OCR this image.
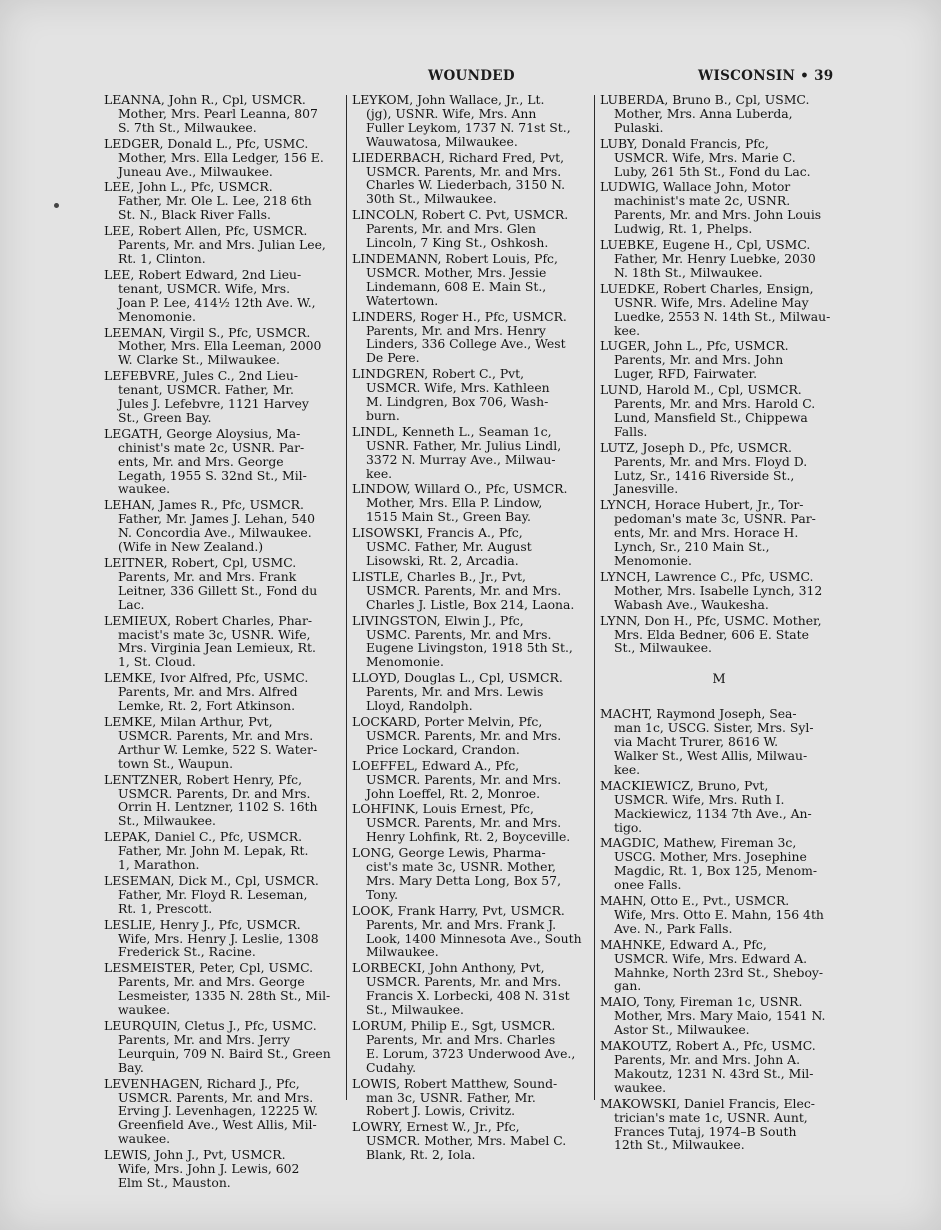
WOUNDED	WISCONSIN • 39

LEANNA, John R., Cpl, USMCR.
Mother, Mrs. Pearl Leanna, 807
S. 7th St., Milwaukee.

LEDGER, Donald L., Pfc, USMC.
Mother, Mrs. Ella Ledger, 156 E.
Juneau Ave., Milwaukee.

LEE, John L., Pfc, USMCR.
Father, Mr. Ole L. Lee, 218 6th
St. N., Black River Falls.

LEE, Robert Allen, Pfc, USMCR.
Parents, Mr. and Mrs. Julian Lee,
Rt. 1, Clinton.

LEE, Robert Edward, 2nd Lieu-
tenant, USMCR. Wife, Mrs.
Joan P. Lee, 414½ 12th Ave. W.,
Menomonie.

LEEMAN, Virgil S., Pfc, USMCR.
Mother, Mrs. Ella Leeman, 2000
W. Clarke St., Milwaukee.

LEFEBVRE, Jules C., 2nd Lieu-
tenant, USMCR. Father, Mr.
Jules J. Lefebvre, 1121 Harvey
St., Green Bay.

LEGATH, George Aloysius, Ma-
chinist's mate 2c, USNR. Par-
ents, Mr. and Mrs. George
Legath, 1955 S. 32nd St., Mil-
waukee.

LEHAN, James R., Pfc, USMCR.
Father, Mr. James J. Lehan, 540
N. Concordia Ave., Milwaukee.
(Wife in New Zealand.)

LEITNER, Robert, Cpl, USMC.
Parents, Mr. and Mrs. Frank
Leitner, 336 Gillett St., Fond du
Lac.

LEMIEUX, Robert Charles, Phar-
macist's mate 3c, USNR. Wife,
Mrs. Virginia Jean Lemieux, Rt.
1, St. Cloud.

LEMKE, Ivor Alfred, Pfc, USMC.
Parents, Mr. and Mrs. Alfred
Lemke, Rt. 2, Fort Atkinson.

LEMKE, Milan Arthur, Pvt,
USMCR. Parents, Mr. and Mrs.
Arthur W. Lemke, 522 S. Water-
town St., Waupun.

LENTZNER, Robert Henry, Pfc,
USMCR. Parents, Dr. and Mrs.
Orrin H. Lentzner, 1102 S. 16th
St., Milwaukee.

LEPAK, Daniel C., Pfc, USMCR.
Father, Mr. John M. Lepak, Rt.
1, Marathon.

LESEMAN, Dick M., Cpl, USMCR.
Father, Mr. Floyd R. Leseman,
Rt. 1, Prescott.

LESLIE, Henry J., Pfc, USMCR.
Wife, Mrs. Henry J. Leslie, 1308
Frederick St., Racine.

LESMEISTER, Peter, Cpl, USMC.
Parents, Mr. and Mrs. George
Lesmeister, 1335 N. 28th St., Mil-
waukee.

LEURQUIN, Cletus J., Pfc, USMC.
Parents, Mr. and Mrs. Jerry
Leurquin, 709 N. Baird St., Green
Bay.

LEVENHAGEN, Richard J., Pfc,
USMCR. Parents, Mr. and Mrs.
Erving J. Levenhagen, 12225 W.
Greenfield Ave., West Allis, Mil-
waukee.

LEWIS, John J., Pvt, USMCR.
Wife, Mrs. John J. Lewis, 602
Elm St., Mauston.

LEYKOM, John Wallace, Jr., Lt.
(jg), USNR. Wife, Mrs. Ann
Fuller Leykom, 1737 N. 71st St.,
Wauwatosa, Milwaukee.

LIEDERBACH, Richard Fred, Pvt,
USMCR. Parents, Mr. and Mrs.
Charles W. Liederbach, 3150 N.
30th St., Milwaukee.

LINCOLN, Robert C. Pvt, USMCR.
Parents, Mr. and Mrs. Glen
Lincoln, 7 King St., Oshkosh.

LINDEMANN, Robert Louis, Pfc,
USMCR. Mother, Mrs. Jessie
Lindemann, 608 E. Main St.,
Watertown.

LINDERS, Roger H., Pfc, USMCR.
Parents, Mr. and Mrs. Henry
Linders, 336 College Ave., West
De Pere.

LINDGREN, Robert C., Pvt,
USMCR. Wife, Mrs. Kathleen
M. Lindgren, Box 706, Wash-
burn.

LINDL, Kenneth L., Seaman 1c,
USNR. Father, Mr. Julius Lindl,
3372 N. Murray Ave., Milwau-
kee.

LINDOW, Willard O., Pfc, USMCR.
Mother, Mrs. Ella P. Lindow,
1515 Main St., Green Bay.

LISOWSKI, Francis A., Pfc,
USMC. Father, Mr. August
Lisowski, Rt. 2, Arcadia.

LISTLE, Charles B., Jr., Pvt,
USMCR. Parents, Mr. and Mrs.
Charles J. Listle, Box 214, Laona.

LIVINGSTON, Elwin J., Pfc,
USMC. Parents, Mr. and Mrs.
Eugene Livingston, 1918 5th St.,
Menomonie.

LLOYD, Douglas L., Cpl, USMCR.
Parents, Mr. and Mrs. Lewis
Lloyd, Randolph.

LOCKARD, Porter Melvin, Pfc,
USMCR. Parents, Mr. and Mrs.
Price Lockard, Crandon.

LOEFFEL, Edward A., Pfc,
USMCR. Parents, Mr. and Mrs.
John Loeffel, Rt. 2, Monroe.

LOHFINK, Louis Ernest, Pfc,
USMCR. Parents, Mr. and Mrs.
Henry Lohfink, Rt. 2, Boyceville.

LONG, George Lewis, Pharma-
cist's mate 3c, USNR. Mother,
Mrs. Mary Detta Long, Box 57,
Tony.

LOOK, Frank Harry, Pvt, USMCR.
Parents, Mr. and Mrs. Frank J.
Look, 1400 Minnesota Ave., South
Milwaukee.

LORBECKI, John Anthony, Pvt,
USMCR. Parents, Mr. and Mrs.
Francis X. Lorbecki, 408 N. 31st
St., Milwaukee.

LORUM, Philip E., Sgt, USMCR.
Parents, Mr. and Mrs. Charles
E. Lorum, 3723 Underwood Ave.,
Cudahy.

LOWIS, Robert Matthew, Sound-
man 3c, USNR. Father, Mr.
Robert J. Lowis, Crivitz.

LOWRY, Ernest W., Jr., Pfc,
USMCR. Mother, Mrs. Mabel C.
Blank, Rt. 2, Iola.

LUBERDA, Bruno B., Cpl, USMC.
Mother, Mrs. Anna Luberda,
Pulaski.

LUBY, Donald Francis, Pfc,
USMCR. Wife, Mrs. Marie C.
Luby, 261 5th St., Fond du Lac.

LUDWIG, Wallace John, Motor
machinist's mate 2c, USNR.
Parents, Mr. and Mrs. John Louis
Ludwig, Rt. 1, Phelps.

LUEBKE, Eugene H., Cpl, USMC.
Father, Mr. Henry Luebke, 2030
N. 18th St., Milwaukee.

LUEDKE, Robert Charles, Ensign,
USNR. Wife, Mrs. Adeline May
Luedke, 2553 N. 14th St., Milwau-
kee.

LUGER, John L., Pfc, USMCR.
Parents, Mr. and Mrs. John
Luger, RFD, Fairwater.

LUND, Harold M., Cpl, USMCR.
Parents, Mr. and Mrs. Harold C.
Lund, Mansfield St., Chippewa
Falls.

LUTZ, Joseph D., Pfc, USMCR.
Parents, Mr. and Mrs. Floyd D.
Lutz, Sr., 1416 Riverside St.,
Janesville.

LYNCH, Horace Hubert, Jr., Tor-
pedoman's mate 3c, USNR. Par-
ents, Mr. and Mrs. Horace H.
Lynch, Sr., 210 Main St.,
Menomonie.

LYNCH, Lawrence C., Pfc, USMC.
Mother, Mrs. Isabelle Lynch, 312
Wabash Ave., Waukesha.

LYNN, Don H., Pfc, USMC. Mother,
Mrs. Elda Bedner, 606 E. State
St., Milwaukee.

M

MACHT, Raymond Joseph, Sea-
man 1c, USCG. Sister, Mrs. Syl-
via Macht Trurer, 8616 W.
Walker St., West Allis, Milwau-
kee.

MACKIEWICZ, Bruno, Pvt,
USMCR. Wife, Mrs. Ruth I.
Mackiewicz, 1134 7th Ave., An-
tigo.

MAGDIC, Mathew, Fireman 3c,
USCG. Mother, Mrs. Josephine
Magdic, Rt. 1, Box 125, Menom-
onee Falls.

MAHN, Otto E., Pvt., USMCR.
Wife, Mrs. Otto E. Mahn, 156 4th
Ave. N., Park Falls.

MAHNKE, Edward A., Pfc,
USMCR. Wife, Mrs. Edward A.
Mahnke, North 23rd St., Sheboy-
gan.

MAIO, Tony, Fireman 1c, USNR.
Mother, Mrs. Mary Maio, 1541 N.
Astor St., Milwaukee.

MAKOUTZ, Robert A., Pfc, USMC.
Parents, Mr. and Mrs. John A.
Makoutz, 1231 N. 43rd St., Mil-
waukee.

MAKOWSKI, Daniel Francis, Elec-
trician's mate 1c, USNR. Aunt,
Frances Tutaj, 1974–B South
12th St., Milwaukee.
